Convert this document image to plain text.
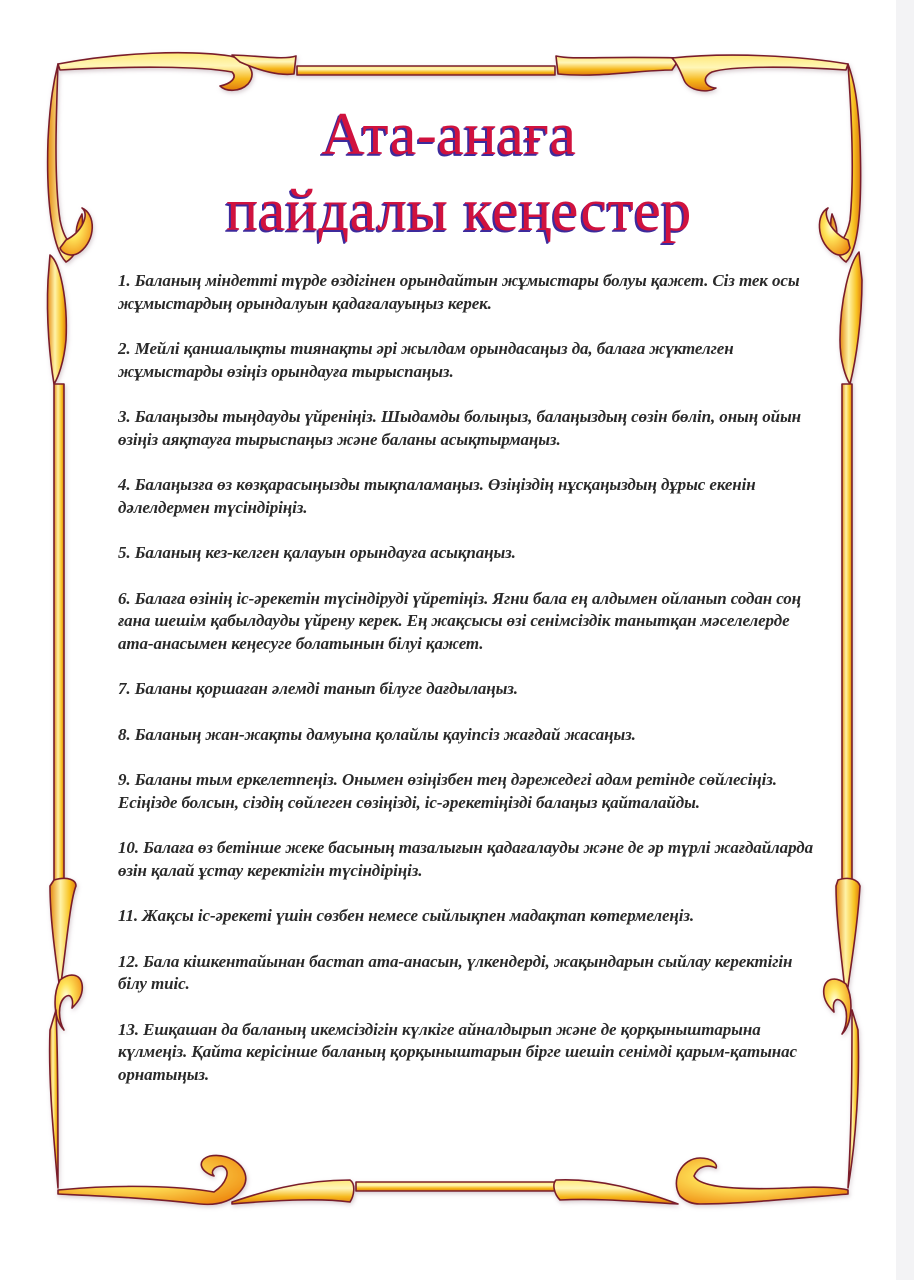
Ата-анаға
пайдалы кеңестер
1. Баланың міндетті түрде өздігінен орындайтын жұмыстары болуы қажет. Сіз тек осы жұмыстардың орындалуын қадағалауыңыз керек.
2. Мейлі қаншалықты тиянақты әрі жылдам орындасаңыз да, балаға жүктелген жұмыстарды өзіңіз орындауға тырыспаңыз.
3. Балаңызды тыңдауды үйреніңіз. Шыдамды болыңыз, балаңыздың сөзін бөліп, оның ойын өзіңіз аяқтауға тырыспаңыз және баланы асықтырмаңыз.
4. Балаңызға өз көзқарасыңызды тықпаламаңыз. Өзіңіздің нұсқаңыздың дұрыс екенін дәлелдермен түсіндіріңіз.
5. Баланың кез-келген қалауын орындауға асықпаңыз.
6. Балаға өзінің іс-әрекетін түсіндіруді үйретіңіз. Ягни бала ең алдымен ойланып содан соң ғана шешім қабылдауды үйрену керек. Ең жақсысы өзі сенімсіздік танытқан мәселелерде ата-анасымен кеңесуге болатынын білуі қажет.
7. Баланы қоршаған әлемді танып білуге дағдылаңыз.
8. Баланың жан-жақты дамуына қолайлы қауіпсіз жағдай жасаңыз.
9. Баланы тым еркелетпеңіз. Онымен өзіңізбен тең дәрежедегі адам ретінде сөйлесіңіз. Есіңізде болсын, сіздің сөйлеген сөзіңізді, іс-әрекетіңізді балаңыз қайталайды.
10. Балаға өз бетінше жеке басының тазалығын қадағалауды және де әр түрлі жағдайларда өзін қалай ұстау керектігін түсіндіріңіз.
11. Жақсы іс-әрекеті үшін сөзбен немесе сыйлықпен мадақтап көтермелеңіз.
12. Бала кішкентайынан бастап ата-анасын, үлкендерді, жақындарын сыйлау керектігін білу тиіс.
13. Ешқашан да баланың икемсіздігін күлкіге айналдырып және де қорқыныштарына күлмеңіз. Қайта керісінше баланың қорқыныштарын бірге шешіп сенімді қарым-қатынас орнатыңыз.
